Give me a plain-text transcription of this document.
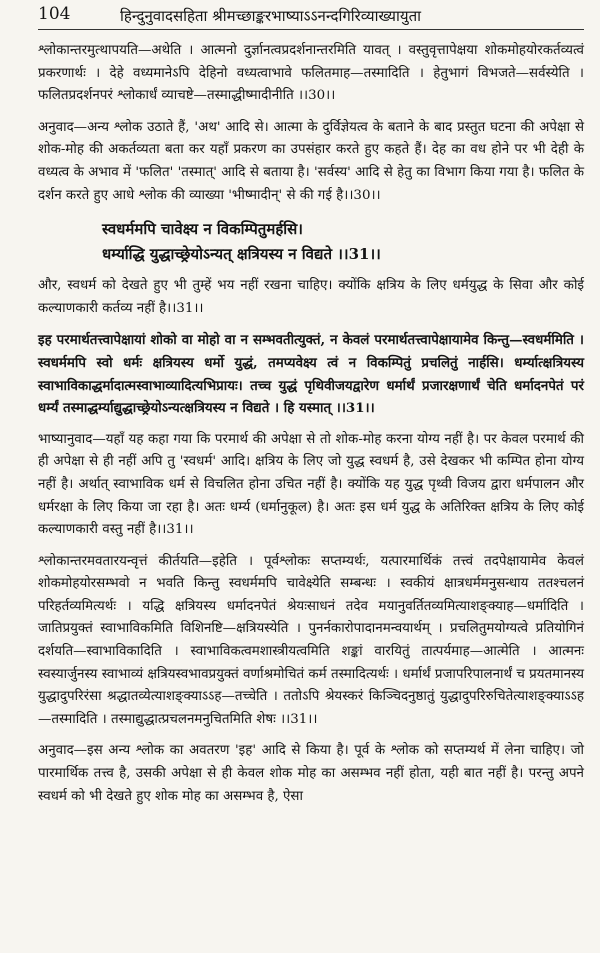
104	हिन्दुनुवादसहिता श्रीमच्छाङ्करभाष्याऽऽनन्दगिरिव्याख्यायुता

श्लोकान्तरमुत्थापयति—अथेति । आत्मनो दुर्ज्ञानत्वप्रदर्शनान्तरमिति यावत् । वस्तुवृत्तापेक्षया शोकमोहयोरकर्तव्यत्वं प्रकरणार्थः । देहे वध्यमानेऽपि देहिनो वध्यत्वाभावे फलितमाह—तस्मादिति । हेतुभागं विभजते—सर्वस्येति । फलितप्रदर्शनपरं श्लोकार्धं व्याचष्टे—तस्माद्धीष्मादीनीति ।।30।।

अनुवाद—अन्य श्लोक उठाते हैं, 'अथ' आदि से। आत्मा के दुर्विज्ञेयत्व के बताने के बाद प्रस्तुत घटना की अपेक्षा से शोक-मोह की अकर्तव्यता बता कर यहाँ प्रकरण का उपसंहार करते हुए कहते हैं। देह का वध होने पर भी देही के वध्यत्व के अभाव में 'फलित' 'तस्मात्' आदि से बताया है। 'सर्वस्य' आदि से हेतु का विभाग किया गया है। फलित के दर्शन करते हुए आधे श्लोक की व्याख्या 'भीष्मादीन्' से की गई है।।30।।

स्वधर्ममपि चावेक्ष्य न विकम्पितुमर्हसि।
धर्म्याद्धि युद्धाच्छ्रेयोऽन्यत् क्षत्रियस्य न विद्यते ।।31।।

और, स्वधर्म को देखते हुए भी तुम्हें भय नहीं रखना चाहिए। क्योंकि क्षत्रिय के लिए धर्मयुद्ध के सिवा और कोई कल्याणकारी कर्तव्य नहीं है।।31।।

इह परमार्थतत्त्वापेक्षायां शोको वा मोहो वा न सम्भवतीत्युक्तं, न केवलं परमार्थतत्त्वापेक्षायामेव किन्तु—स्वधर्ममिति । स्वधर्ममपि स्वो धर्मः क्षत्रियस्य धर्मो युद्धं, तमप्यवेक्ष्य त्वं न विकम्पितुं प्रचलितुं नार्हसि। धर्म्यात्क्षत्रियस्य स्वाभाविकाद्धर्मादात्मस्वाभाव्यादित्यभिप्रायः। तच्च युद्धं पृथिवीजयद्वारेण धर्मार्थं प्रजारक्षणार्थं चेति धर्मादनपेतं परं धर्म्यं तस्माद्धर्म्याद्युद्धाच्छ्रेयोऽन्यत्क्षत्रियस्य न विद्यते । हि यस्मात् ।।31।।

भाष्यानुवाद—यहाँ यह कहा गया कि परमार्थ की अपेक्षा से तो शोक-मोह करना योग्य नहीं है। पर केवल परमार्थ की ही अपेक्षा से ही नहीं अपि तु 'स्वधर्म' आदि। क्षत्रिय के लिए जो युद्ध स्वधर्म है, उसे देखकर भी कम्पित होना योग्य नहीं है। अर्थात् स्वाभाविक धर्म से विचलित होना उचित नहीं है। क्योंकि यह युद्ध पृथ्वी विजय द्वारा धर्मपालन और धर्मरक्षा के लिए किया जा रहा है। अतः धर्म्य (धर्मानुकूल) है। अतः इस धर्म युद्ध के अतिरिक्त क्षत्रिय के लिए कोई कल्याणकारी वस्तु नहीं है।।31।।

श्लोकान्तरमवतारयन्वृत्तं कीर्तयति—इहेति । पूर्वश्लोकः सप्तम्यर्थः, यत्पारमार्थिकं तत्त्वं तदपेक्षायामेव केवलं शोकमोहयोरसम्भवो न भवति किन्तु स्वधर्ममपि चावेक्ष्येति सम्बन्धः । स्वकीयं क्षात्रधर्ममनुसन्धाय ततश्चलनं परिहर्तव्यमित्यर्थः । यद्धि क्षत्रियस्य धर्मादनपेतं श्रेयःसाधनं तदेव मयानुवर्तितव्यमित्याशङ्क्याह—धर्मादिति । जातिप्रयुक्तं स्वाभाविकमिति विशिनष्टि—क्षत्रियस्येति । पुनर्नकारोपादानमन्वयार्थम् । प्रचलितुमयोग्यत्वे प्रतियोगिनं दर्शयति—स्वाभाविकादिति । स्वाभाविकत्वमशास्त्रीयत्वमिति शङ्कां वारयितुं तात्पर्यमाह—आत्मेति । आत्मनः स्वस्यार्जुनस्य स्वाभाव्यं क्षत्रियस्वभावप्रयुक्तं वर्णाश्रमोचितं कर्म तस्मादित्यर्थः । धर्मार्थं प्रजापरिपालनार्थं च प्रयतमानस्य युद्धादुपरिरंसा श्रद्धातव्येत्याशङ्क्याऽऽह—तच्चेति । ततोऽपि श्रेयस्करं किञ्चिदनुष्ठातुं युद्धादुपरिरुचितेत्याशङ्क्याऽऽह—तस्मादिति । तस्माद्युद्धात्प्रचलनमनुचितमिति शेषः ।।31।।

अनुवाद—इस अन्य श्लोक का अवतरण 'इह' आदि से किया है। पूर्व के श्लोक को सप्तम्यर्थ में लेना चाहिए। जो पारमार्थिक तत्त्व है, उसकी अपेक्षा से ही केवल शोक मोह का असम्भव नहीं होता, यही बात नहीं है। परन्तु अपने स्वधर्म को भी देखते हुए शोक मोह का असम्भव है, ऐसा
